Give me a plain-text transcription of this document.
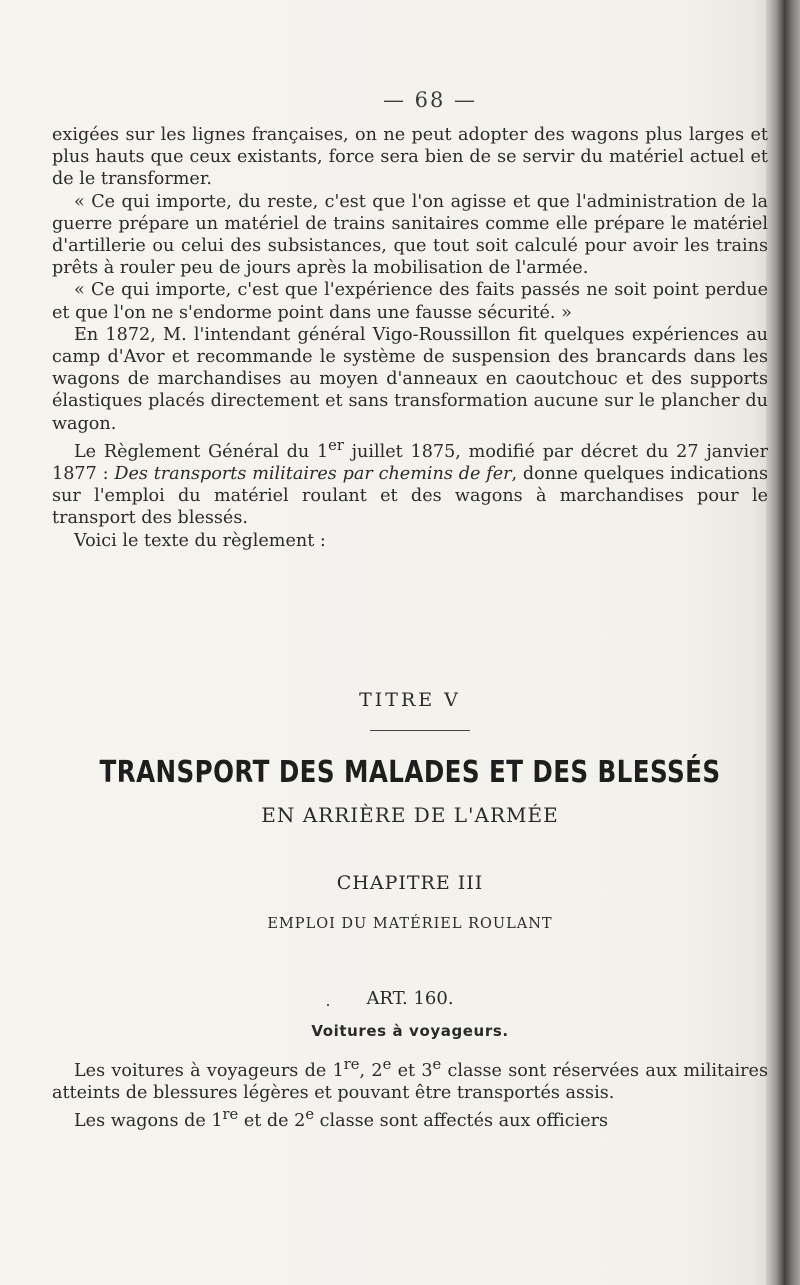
— 68 —

exigées sur les lignes françaises, on ne peut adopter des wagons plus larges et plus hauts que ceux existants, force sera bien de se servir du matériel actuel et de le transformer.

« Ce qui importe, du reste, c'est que l'on agisse et que l'administration de la guerre prépare un matériel de trains sanitaires comme elle prépare le matériel d'artillerie ou celui des subsistances, que tout soit calculé pour avoir les trains prêts à rouler peu de jours après la mobilisation de l'armée.

« Ce qui importe, c'est que l'expérience des faits passés ne soit point perdue et que l'on ne s'endorme point dans une fausse sécurité. »

En 1872, M. l'intendant général Vigo-Roussillon fit quelques expériences au camp d'Avor et recommande le système de suspension des brancards dans les wagons de marchandises au moyen d'anneaux en caoutchouc et des supports élastiques placés directement et sans transformation aucune sur le plancher du wagon.

Le Règlement Général du 1er juillet 1875, modifié par décret du 27 janvier 1877 : Des transports militaires par chemins de fer, donne quelques indications sur l'emploi du matériel roulant et des wagons à marchandises pour le transport des blessés.

Voici le texte du règlement :

TITRE V
TRANSPORT DES MALADES ET DES BLESSÉS
EN ARRIÈRE DE L'ARMÉE
CHAPITRE III
EMPLOI DU MATÉRIEL ROULANT
ART. 160.
Voitures à voyageurs.

Les voitures à voyageurs de 1re, 2e et 3e classe sont réservées aux militaires atteints de blessures légères et pouvant être transportés assis.

Les wagons de 1re et de 2e classe sont affectés aux officiers
